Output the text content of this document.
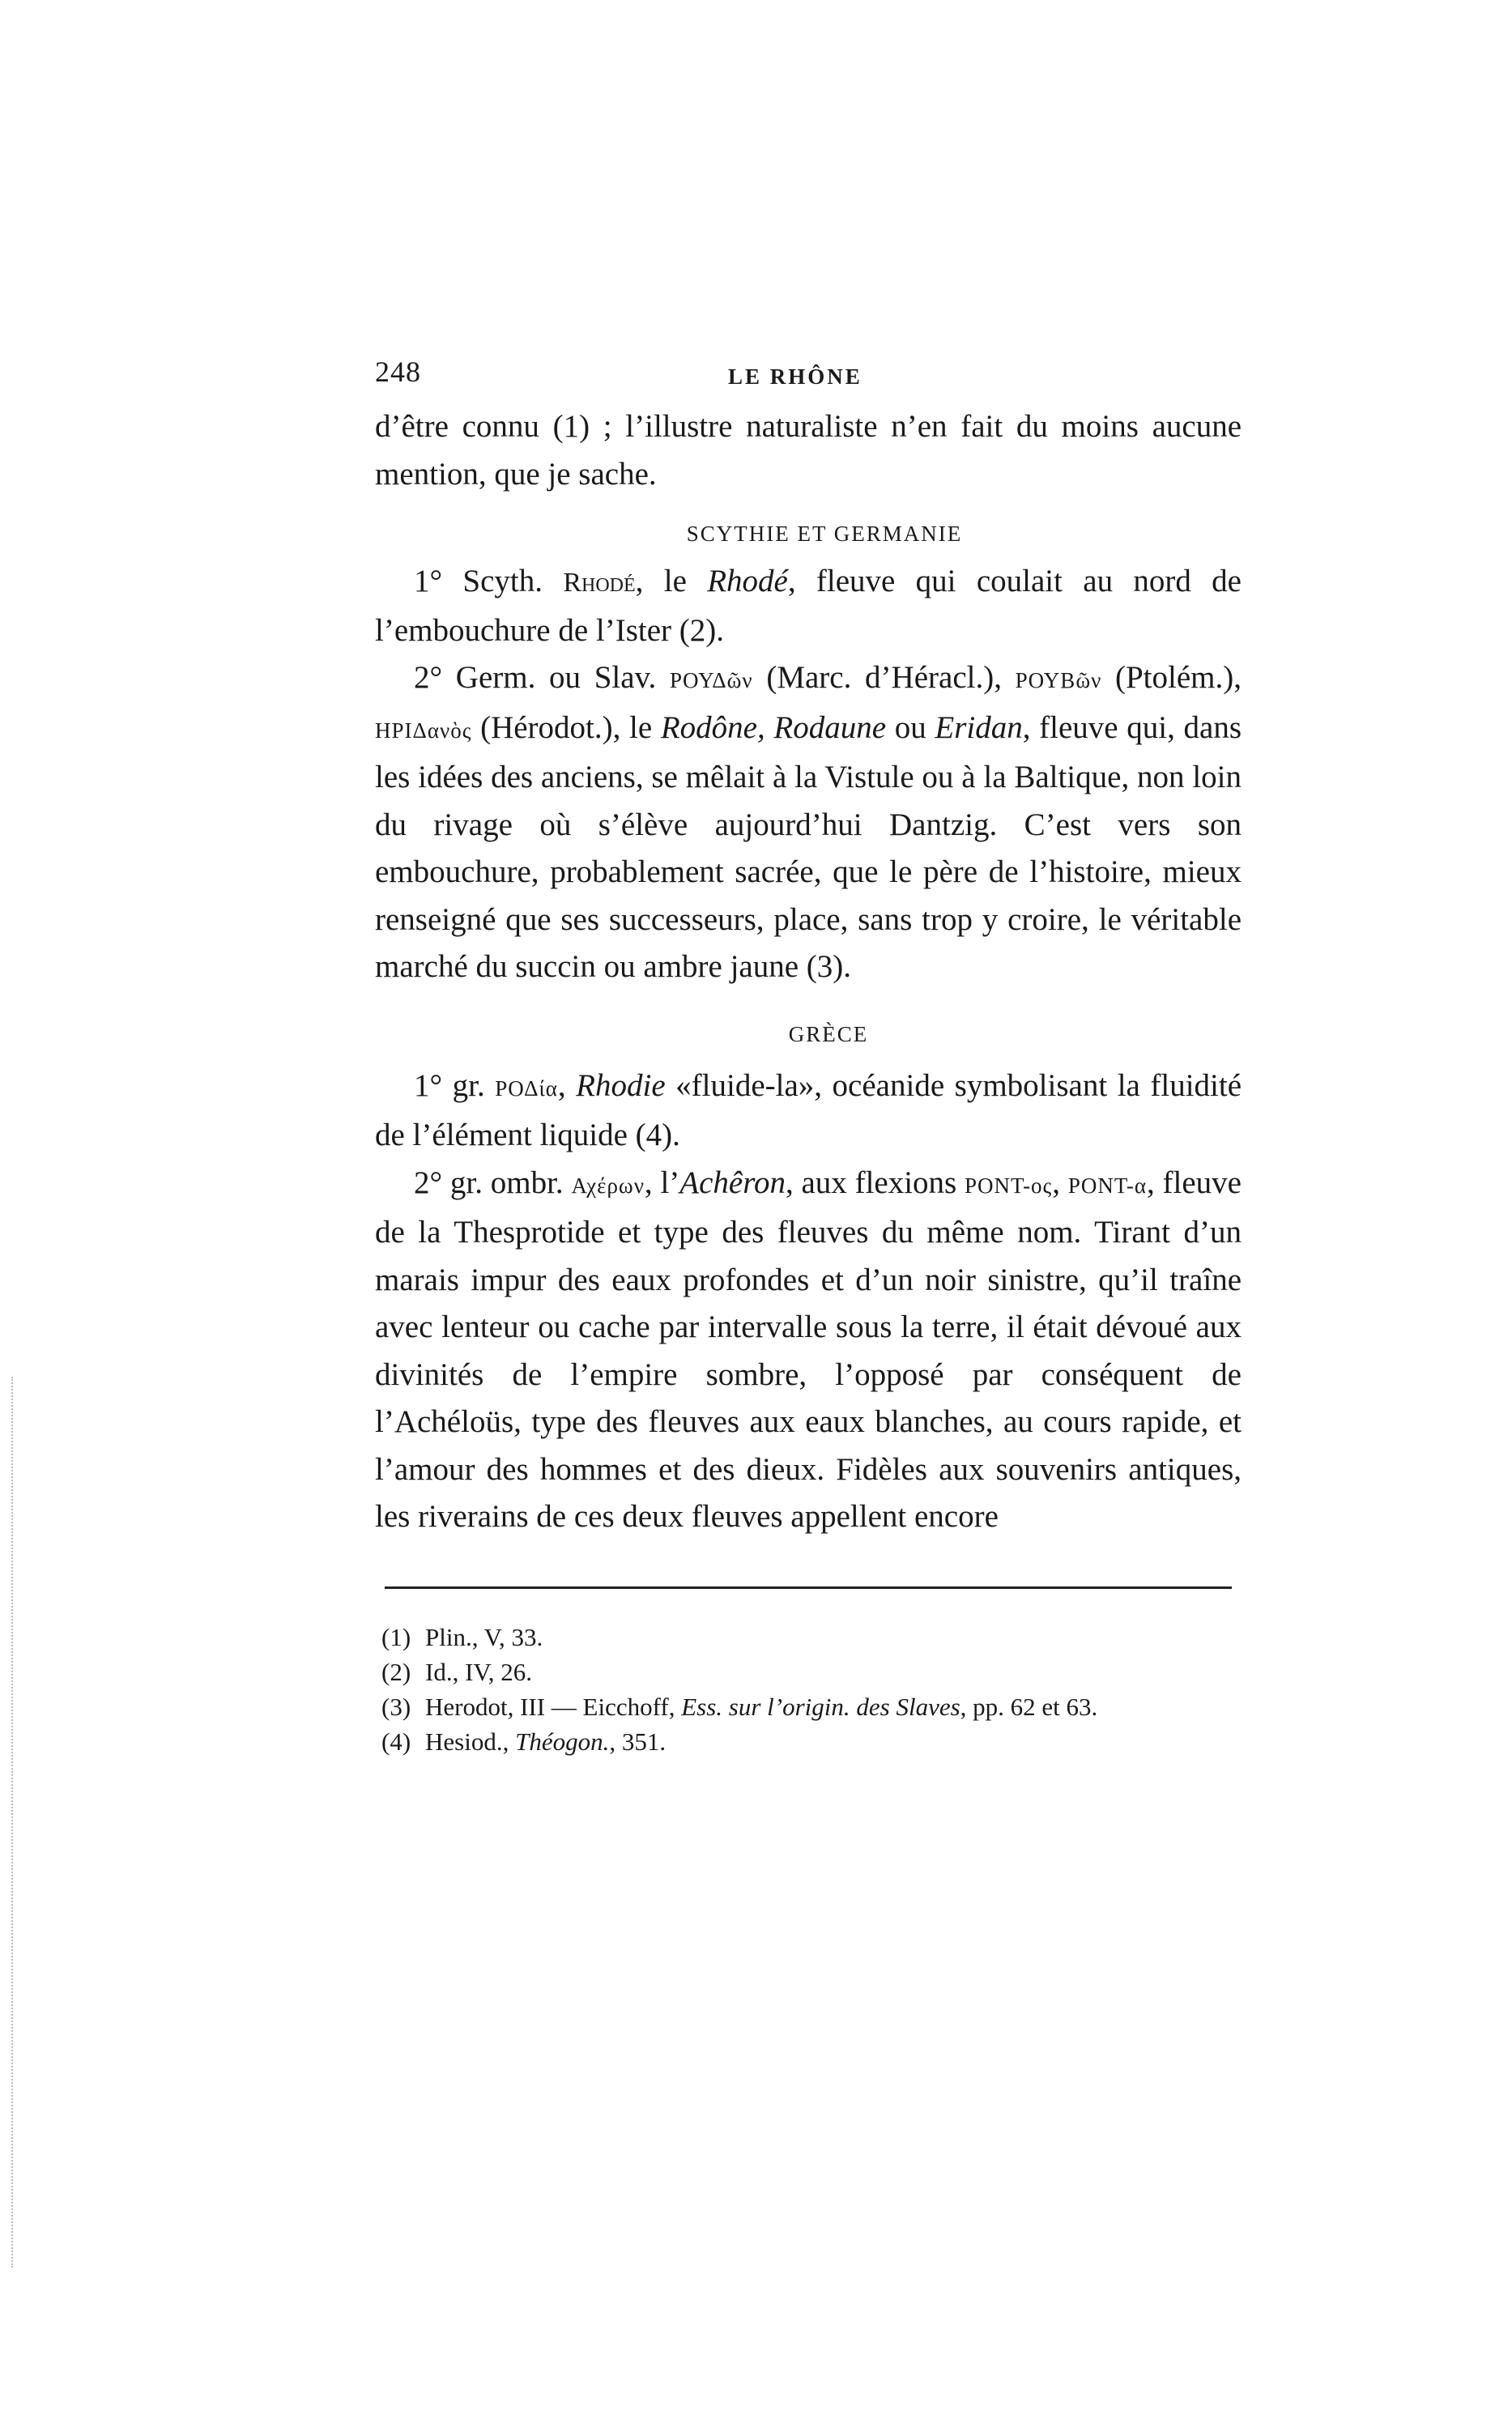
248	LE RHÔNE

d’être connu (1) ; l’illustre naturaliste n’en fait du moins aucune mention, que je sache.

SCYTHIE ET GERMANIE

1° Scyth. Rhodé, le Rhodé, fleuve qui coulait au nord de l’embouchure de l’Ister (2).

2° Germ. ou Slav. ΡΟΥΔῶν (Marc. d’Héracl.), ΡΟΥΒῶν (Ptolém.), ΗΡΙΔανὸς (Hérodot.), le Rodône, Rodaune ou Eridan, fleuve qui, dans les idées des anciens, se mêlait à la Vistule ou à la Baltique, non loin du rivage où s’élève aujourd’hui Dantzig. C’est vers son embouchure, probablement sacrée, que le père de l’histoire, mieux renseigné que ses successeurs, place, sans trop y croire, le véritable marché du succin ou ambre jaune (3).

GRÈCE

1° gr. ΡΟΔία, Rhodie «fluide-la», océanide symbolisant la fluidité de l’élément liquide (4).

2° gr. ombr. Αχέρων, l’Achêron, aux flexions ΡΟΝΤ-ος, ΡΟΝΤ-α, fleuve de la Thesprotide et type des fleuves du même nom. Tirant d’un marais impur des eaux profondes et d’un noir sinistre, qu’il traîne avec lenteur ou cache par intervalle sous la terre, il était dévoué aux divinités de l’empire sombre, l’opposé par conséquent de l’Achéloüs, type des fleuves aux eaux blanches, au cours rapide, et l’amour des hommes et des dieux. Fidèles aux souvenirs antiques, les riverains de ces deux fleuves appellent encore

(1) Plin., V, 33.

(2) Id., IV, 26.

(3) Herodot, III — Eicchoff, Ess. sur l’origin. des Slaves, pp. 62 et 63.

(4) Hesiod., Théogon., 351.
